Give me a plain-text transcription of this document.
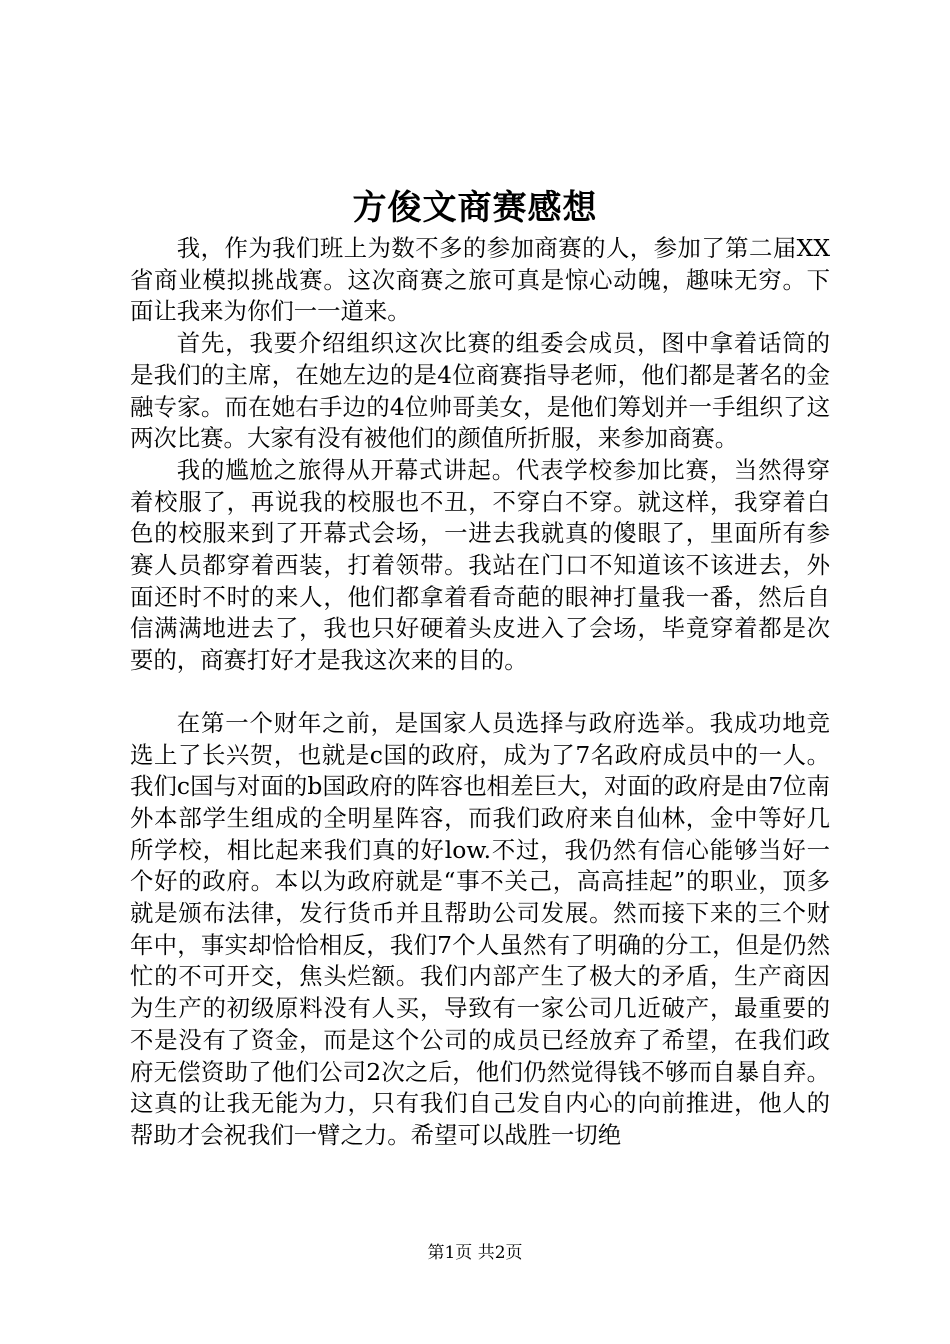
方俊文商赛感想

我，作为我们班上为数不多的参加商赛的人，参加了第二届XX省商业模拟挑战赛。这次商赛之旅可真是惊心动魄，趣味无穷。下面让我来为你们一一道来。

首先，我要介绍组织这次比赛的组委会成员，图中拿着话筒的是我们的主席，在她左边的是4位商赛指导老师，他们都是著名的金融专家。而在她右手边的4位帅哥美女，是他们筹划并一手组织了这两次比赛。大家有没有被他们的颜值所折服，来参加商赛。

我的尴尬之旅得从开幕式讲起。代表学校参加比赛，当然得穿着校服了，再说我的校服也不丑，不穿白不穿。就这样，我穿着白色的校服来到了开幕式会场，一进去我就真的傻眼了，里面所有参赛人员都穿着西装，打着领带。我站在门口不知道该不该进去，外面还时不时的来人，他们都拿着看奇葩的眼神打量我一番，然后自信满满地进去了，我也只好硬着头皮进入了会场，毕竟穿着都是次要的，商赛打好才是我这次来的目的。

在第一个财年之前，是国家人员选择与政府选举。我成功地竞选上了长兴贺，也就是c国的政府，成为了7名政府成员中的一人。我们c国与对面的b国政府的阵容也相差巨大，对面的政府是由7位南外本部学生组成的全明星阵容，而我们政府来自仙林，金中等好几所学校，相比起来我们真的好low.不过，我仍然有信心能够当好一个好的政府。本以为政府就是“事不关己，高高挂起”的职业，顶多就是颁布法律，发行货币并且帮助公司发展。然而接下来的三个财年中，事实却恰恰相反，我们7个人虽然有了明确的分工，但是仍然忙的不可开交，焦头烂额。我们内部产生了极大的矛盾，生产商因为生产的初级原料没有人买，导致有一家公司几近破产，最重要的不是没有了资金，而是这个公司的成员已经放弃了希望，在我们政府无偿资助了他们公司2次之后，他们仍然觉得钱不够而自暴自弃。这真的让我无能为力，只有我们自己发自内心的向前推进，他人的帮助才会祝我们一臂之力。希望可以战胜一切绝

第1页 共2页
